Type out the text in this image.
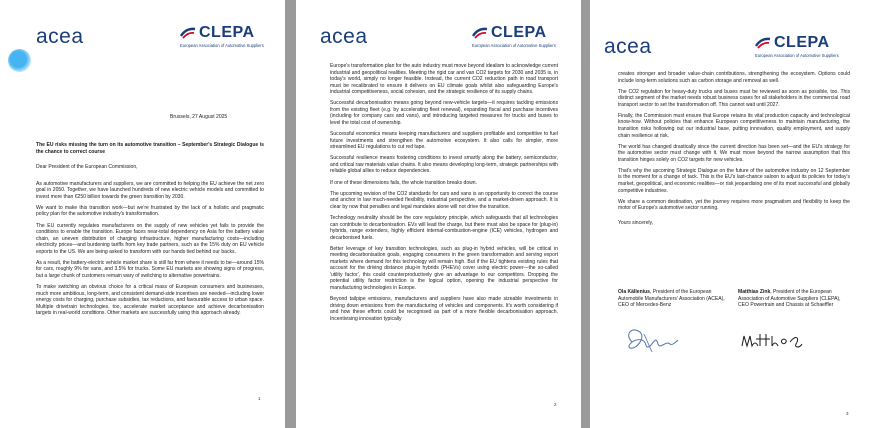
acea	CLEPA
European Association of Automotive Suppliers
Brussels, 27 August 2025

The EU risks missing the turn on its automotive transition – September's Strategic Dialogue is the chance to correct course

Dear President of the European Commission,

As automotive manufacturers and suppliers, we are committed to helping the EU achieve the net zero goal in 2050. Together, we have launched hundreds of new electric vehicle models and committed to invest more than €250 billion towards the green transition by 2030.

We want to make this transition work—but we're frustrated by the lack of a holistic and pragmatic policy plan for the automotive industry's transformation.

The EU currently regulates manufacturers on the supply of new vehicles yet fails to provide the conditions to enable the transition. Europe faces near-total dependency on Asia for the battery value chain, an uneven distribution of charging infrastructure, higher manufacturing costs—including electricity prices—and burdening tariffs from key trade partners, such as the 15% duty on EU vehicle exports to the US. We are being asked to transform with our hands tied behind our backs.

As a result, the battery-electric vehicle market share is still far from where it needs to be—around 15% for cars, roughly 9% for vans, and 3.5% for trucks. Some EU markets are showing signs of progress, but a large chunk of customers remain wary of switching to alternative powertrains.

To make switching an obvious choice for a critical mass of European consumers and businesses, much more ambitious, long-term, and consistent demand-side incentives are needed—including lower energy costs for charging, purchase subsidies, tax reductions, and favourable access to urban space. Multiple drivetrain technologies, too, accelerate market acceptance and achieve decarbonisation targets in real-world conditions. Other markets are successfully using this approach already.

1
acea	CLEPA
European Association of Automotive Suppliers

Europe's transformation plan for the auto industry must move beyond idealism to acknowledge current industrial and geopolitical realities. Meeting the rigid car and van CO2 targets for 2030 and 2035 is, in today's world, simply no longer feasible. Instead, the current CO2 reduction path in road transport must be recalibrated to ensure it delivers on EU climate goals whilst also safeguarding Europe's industrial competitiveness, social cohesion, and the strategic resilience of its supply chains.

Successful decarbonisation means going beyond new-vehicle targets—it requires tackling emissions from the existing fleet (e.g. by accelerating fleet renewal), expanding fiscal and purchase incentives (including for company cars and vans), and introducing targeted measures for trucks and buses to level the total cost of ownership.

Successful economics means keeping manufacturers and suppliers profitable and competitive to fuel future investments and strengthen the automotive ecosystem. It also calls for simpler, more streamlined EU regulations to cut red tape.

Successful resilience means fostering conditions to invest smartly along the battery, semiconductor, and critical raw materials value chains. It also means developing long-term, strategic partnerships with reliable global allies to reduce dependencies.

If one of these dimensions fails, the whole transition breaks down.

The upcoming revision of the CO2 standards for cars and vans is an opportunity to correct the course and anchor in law much-needed flexibility, industrial perspective, and a market-driven approach. It is clear by now that penalties and legal mandates alone will not drive the transition.

Technology neutrality should be the core regulatory principle, which safeguards that all technologies can contribute to decarbonisation. EVs will lead the charge, but there must also be space for (plug-in) hybrids, range extenders, highly efficient internal-combustion-engine (ICE) vehicles, hydrogen and decarbonised fuels.

Better leverage of key transition technologies, such as plug-in hybrid vehicles, will be critical in meeting decarbonisation goals, engaging consumers in the green transformation and serving export markets where demand for this technology will remain high. But if the EU tightens existing rules that account for the driving distance plug-in hybrids (PHEVs) cover using electric power—the so-called 'utility factor', this could counterproductively give an advantage to our competitors. Dropping the potential utility factor restriction is the logical option, opening the industrial perspective for manufacturing technologies in Europe.

Beyond tailpipe emissions, manufacturers and suppliers have also made sizeable investments in driving down emissions from the manufacturing of vehicles and components. It's worth considering if and how these efforts could be recognised as part of a more flexible decarbonisation approach. Incentivising innovation typically

2
acea	CLEPA
European Association of Automotive Suppliers

creates stronger and broader value-chain contributions, strengthening the ecosystem. Options could include long-term solutions such as carbon storage and removal as well.

The CO2 regulation for heavy-duty trucks and buses must be reviewed as soon as possible, too. This distinct segment of the market needs robust business cases for all stakeholders in the commercial road transport sector to set the transformation off. This cannot wait until 2027.

Finally, the Commission must ensure that Europe retains its vital production capacity and technological know-how. Without policies that enhance European competitiveness to maintain manufacturing, the transition risks hollowing out our industrial base, putting innovation, quality employment, and supply chain resilience at risk.

The world has changed drastically since the current direction has been set—and the EU's strategy for the automotive sector must change with it. We must move beyond the narrow assumption that this transition hinges solely on CO2 targets for new vehicles.

That's why the upcoming Strategic Dialogue on the future of the automotive industry on 12 September is the moment for a change of tack. This is the EU's last-chance saloon to adjust its policies for today's market, geopolitical, and economic realities—or risk jeopardising one of its most successful and globally competitive industries.

We share a common destination, yet the journey requires more pragmatism and flexibility to keep the motor of Europe's automotive sector running.

Yours sincerely,

Ola Källenius, President of the European Automobile Manufacturers' Association (ACEA), CEO of Mercedes-Benz
Matthias Zink, President of the European Association of Automotive Suppliers (CLEPA), CEO Powertrain and Chassis at Schaeffler
3
